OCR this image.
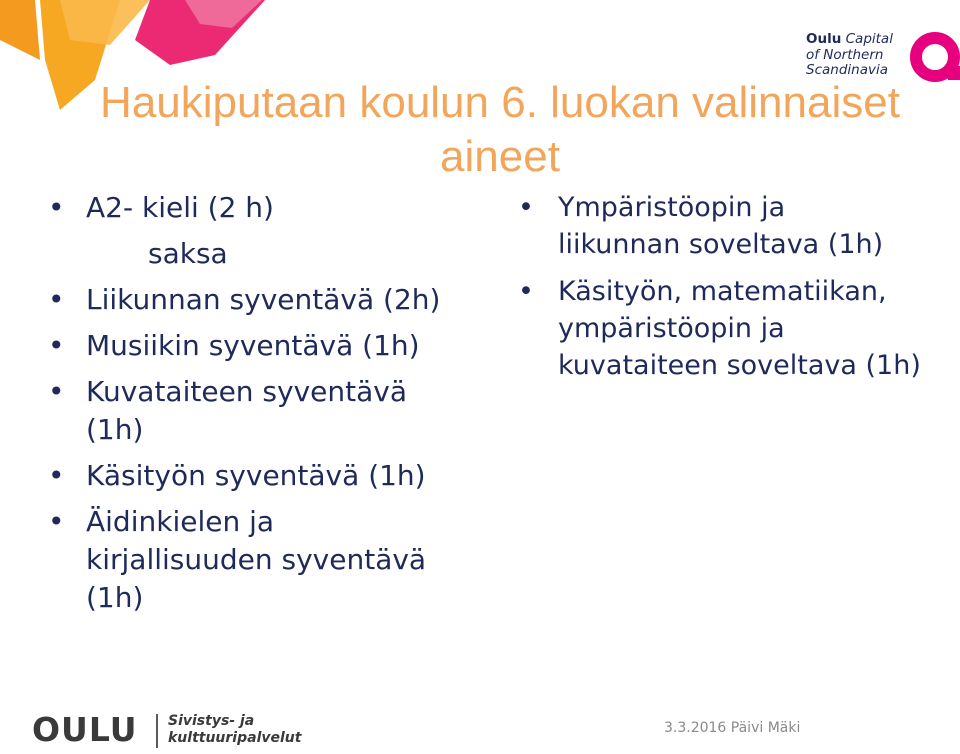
Oulu Capital
of Northern
Scandinavia
Haukiputaan koulun 6. luokan valinnaiset aineet
• A2- kieli (2 h)
saksa
• Liikunnan syventävä (2h)
• Musiikin syventävä (1h)
• Kuvataiteen syventävä
(1h)
• Käsityön syventävä (1h)
• Äidinkielen ja
kirjallisuuden syventävä
(1h)
• Ympäristöopin ja
liikunnan soveltava (1h)
• Käsityön, matematiikan,
ympäristöopin ja
kuvataiteen soveltava (1h)
OULU Sivistys- ja
kulttuuripalvelut
3.3.2016 Päivi Mäki
